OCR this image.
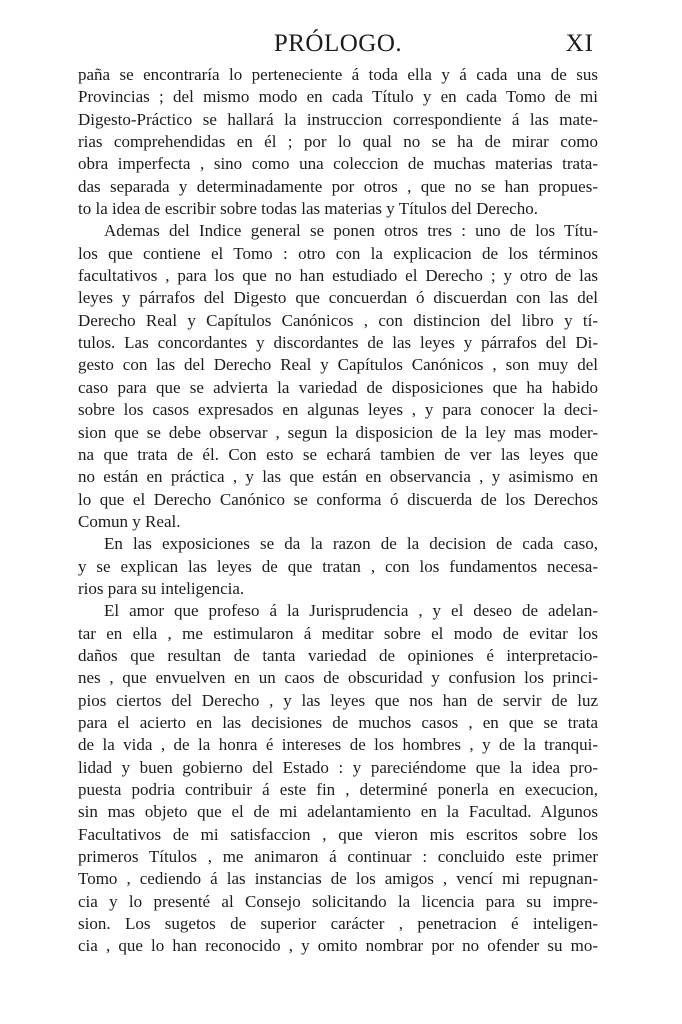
PRÓLOGO.	XI
paña se encontraría lo perteneciente á toda ella y á cada una de sus
Provincias ; del mismo modo en cada Título y en cada Tomo de mi
Digesto-Práctico se hallará la instruccion correspondiente á las mate-
rias comprehendidas en él ; por lo qual no se ha de mirar como
obra imperfecta , sino como una coleccion de muchas materias trata-
das separada y determinadamente por otros , que no se han propues-
to la idea de escribir sobre todas las materias y Títulos del Derecho.
Ademas del Indice general se ponen otros tres : uno de los Títu-
los que contiene el Tomo : otro con la explicacion de los términos
facultativos , para los que no han estudiado el Derecho ; y otro de las
leyes y párrafos del Digesto que concuerdan ó discuerdan con las del
Derecho Real y Capítulos Canónicos , con distincion del libro y tí-
tulos. Las concordantes y discordantes de las leyes y párrafos del Di-
gesto con las del Derecho Real y Capítulos Canónicos , son muy del
caso para que se advierta la variedad de disposiciones que ha habido
sobre los casos expresados en algunas leyes , y para conocer la deci-
sion que se debe observar , segun la disposicion de la ley mas moder-
na que trata de él. Con esto se echará tambien de ver las leyes que
no están en práctica , y las que están en observancia , y asimismo en
lo que el Derecho Canónico se conforma ó discuerda de los Derechos
Comun y Real.
En las exposiciones se da la razon de la decision de cada caso,
y se explican las leyes de que tratan , con los fundamentos necesa-
rios para su inteligencia.
El amor que profeso á la Jurisprudencia , y el deseo de adelan-
tar en ella , me estimularon á meditar sobre el modo de evitar los
daños que resultan de tanta variedad de opiniones é interpretacio-
nes , que envuelven en un caos de obscuridad y confusion los princi-
pios ciertos del Derecho , y las leyes que nos han de servir de luz
para el acierto en las decisiones de muchos casos , en que se trata
de la vida , de la honra é intereses de los hombres , y de la tranqui-
lidad y buen gobierno del Estado : y pareciéndome que la idea pro-
puesta podria contribuir á este fin , determiné ponerla en execucion,
sin mas objeto que el de mi adelantamiento en la Facultad. Algunos
Facultativos de mi satisfaccion , que vieron mis escritos sobre los
primeros Títulos , me animaron á continuar : concluido este primer
Tomo , cediendo á las instancias de los amigos , vencí mi repugnan-
cia y lo presenté al Consejo solicitando la licencia para su impre-
sion. Los sugetos de superior carácter , penetracion é inteligen-
cia , que lo han reconocido , y omito nombrar por no ofender su mo-
